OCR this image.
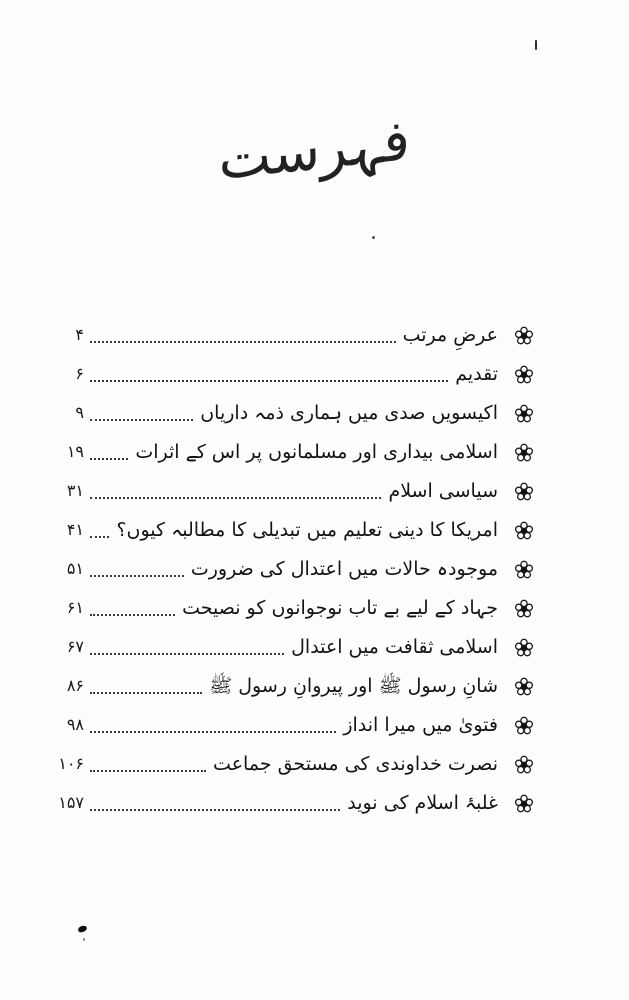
فہرست
عرضِ مرتب
۴
تقدیم
۶
اکیسویں صدی میں ہماری ذمہ داریاں
۹
اسلامی بیداری اور مسلمانوں پر اس کے اثرات
۱۹
سیاسی اسلام
۳۱
امریکا کا دینی تعلیم میں تبدیلی کا مطالبہ کیوں؟
۴۱
موجودہ حالات میں اعتدال کی ضرورت
۵۱
جہاد کے لیے بے تاب نوجوانوں کو نصیحت
۶۱
اسلامی ثقافت میں اعتدال
۶۷
شانِ رسول ﷺ اور پیروانِ رسول ﷺ
۸۶
فتویٰ میں میرا انداز
۹۸
نصرت خداوندی کی مستحق جماعت
۱۰۶
غلبۂ اسلام کی نوید
۱۵۷
